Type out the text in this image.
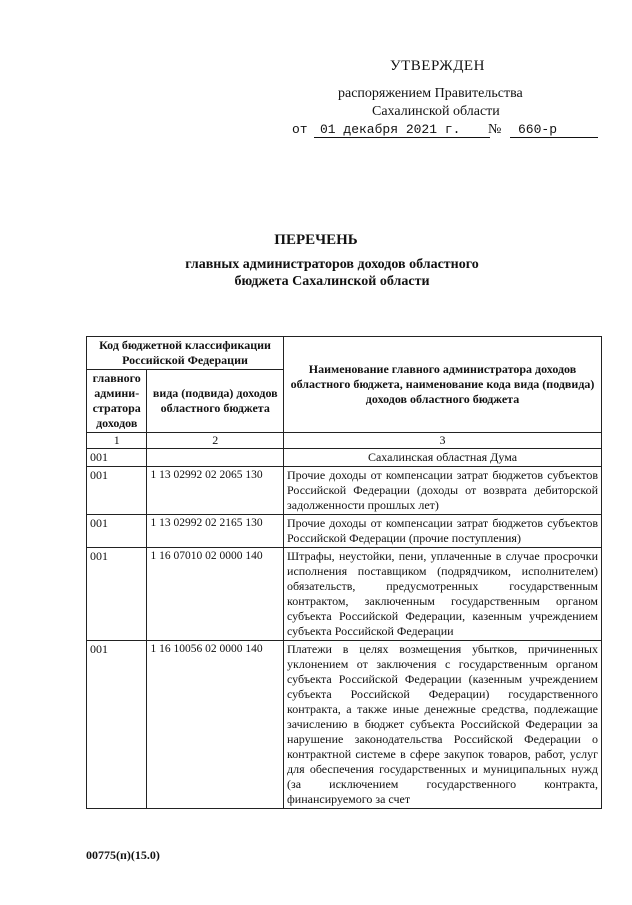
УТВЕРЖДЕН
распоряжением Правительства
Сахалинской области
от 01 декабря 2021 г.	№	660-р
ПЕРЕЧЕНЬ
главных администраторов доходов областного
бюджета Сахалинской области
Код бюджетной классификации Российской Федерации		Наименование главного администратора доходов областного бюджета, наименование кода вида (подвида) доходов областного бюджета
главного админи-стратора доходов	вида (подвида) доходов областного бюджета	
1	2	3
001		Сахалинская областная Дума
001	1 13 02992 02 2065 130	Прочие доходы от компенсации затрат бюджетов субъектов Российской Федерации (доходы от возврата дебиторской задолженности прошлых лет)
001	1 13 02992 02 2165 130	Прочие доходы от компенсации затрат бюджетов субъектов Российской Федерации (прочие поступления)
001	1 16 07010 02 0000 140	Штрафы, неустойки, пени, уплаченные в случае просрочки исполнения поставщиком (подрядчиком, исполнителем) обязательств, предусмотренных государственным контрактом, заключенным государственным органом субъекта Российской Федерации, казенным учреждением субъекта Российской Федерации
001	1 16 10056 02 0000 140	Платежи в целях возмещения убытков, причиненных уклонением от заключения с государственным органом субъекта Российской Федерации (казенным учреждением субъекта Российской Федерации) государственного контракта, а также иные денежные средства, подлежащие зачислению в бюджет субъекта Российской Федерации за нарушение законодательства Российской Федерации о контрактной системе в сфере закупок товаров, работ, услуг для обеспечения государственных и муниципальных нужд (за исключением государственного контракта, финансируемого за счет
00775(п)(15.0)
